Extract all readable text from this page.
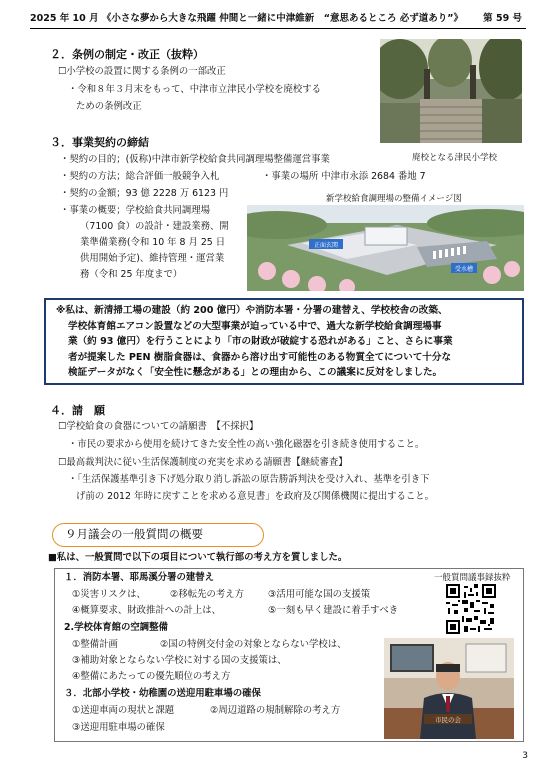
2025 年 10 月 《小さな夢から大きな飛躍 仲間と一緒に中津維新　“意思あるところ 必ず道あり”》 第 59 号
２．条例の制定・改正（抜粋）
☐小学校の設置に関する条例の一部改正
・令和８年３月末をもって、中津市立津民小学校を廃校する
ための条例改正
廃校となる津民小学校
３．事業契約の締結
・契約の目的；(仮称)中津市新学校給食共同調理場整備運営事業
・契約の方法；総合評価一般競争入札	・事業の場所 中津市永添 2684 番地 7
・契約の金額；93 億 2228 万 6123 円
・事業の概要；学校給食共同調理場
（7100 食）の設計・建設業務、開
業準備業務(令和 10 年 8 月 25 日
供用開始予定)、維持管理・運営業
務（令和 25 年度まで）
新学校給食調理場の整備イメージ図
正面玄関
受水槽
※私は、新清掃工場の建設（約 200 億円）や消防本署・分署の建替え、学校校舎の改築、
学校体育館エアコン設置などの大型事業が迫っている中で、過大な新学校給食調理場事
業（約 93 億円）を行うことにより「市の財政が破綻する恐れがある」こと、さらに事業
者が提案した PEN 樹脂食器は、食器から溶け出す可能性のある物質全てについて十分な
検証データがなく「安全性に懸念がある」との理由から、この議案に反対をしました。
４．請　願
☐学校給食の食器についての請願書　【不採択】
・市民の要求から使用を続けてきた安全性の高い強化磁器を引き続き使用すること。
☐最高裁判決に従い生活保護制度の充実を求める請願書【継続審査】
・「生活保護基準引き下げ処分取り消し訴訟の原告勝訴判決を受け入れ、基準を引き下
げ前の 2012 年時に戻すことを求める意見書」を政府及び関係機関に提出すること。
９月議会の一般質問の概要
■私は、一般質問で以下の項目について執行部の考え方を質しました。
１．消防本署、耶馬溪分署の建替え	一般質問議事録抜粋
①災害リスクは、	②移転先の考え方	③活用可能な国の支援策
④概算要求、財政推計への計上は、	⑤一刻も早く建設に着手すべき
2.学校体育館の空調整備
①整備計画	②国の特例交付金の対象とならない学校は、
③補助対象とならない学校に対する国の支援策は、
④整備にあたっての優先順位の考え方
３．北部小学校・幼稚園の送迎用駐車場の確保
①送迎車両の現状と課題	②周辺道路の規制解除の考え方
③送迎用駐車場の確保
市民の会
3
